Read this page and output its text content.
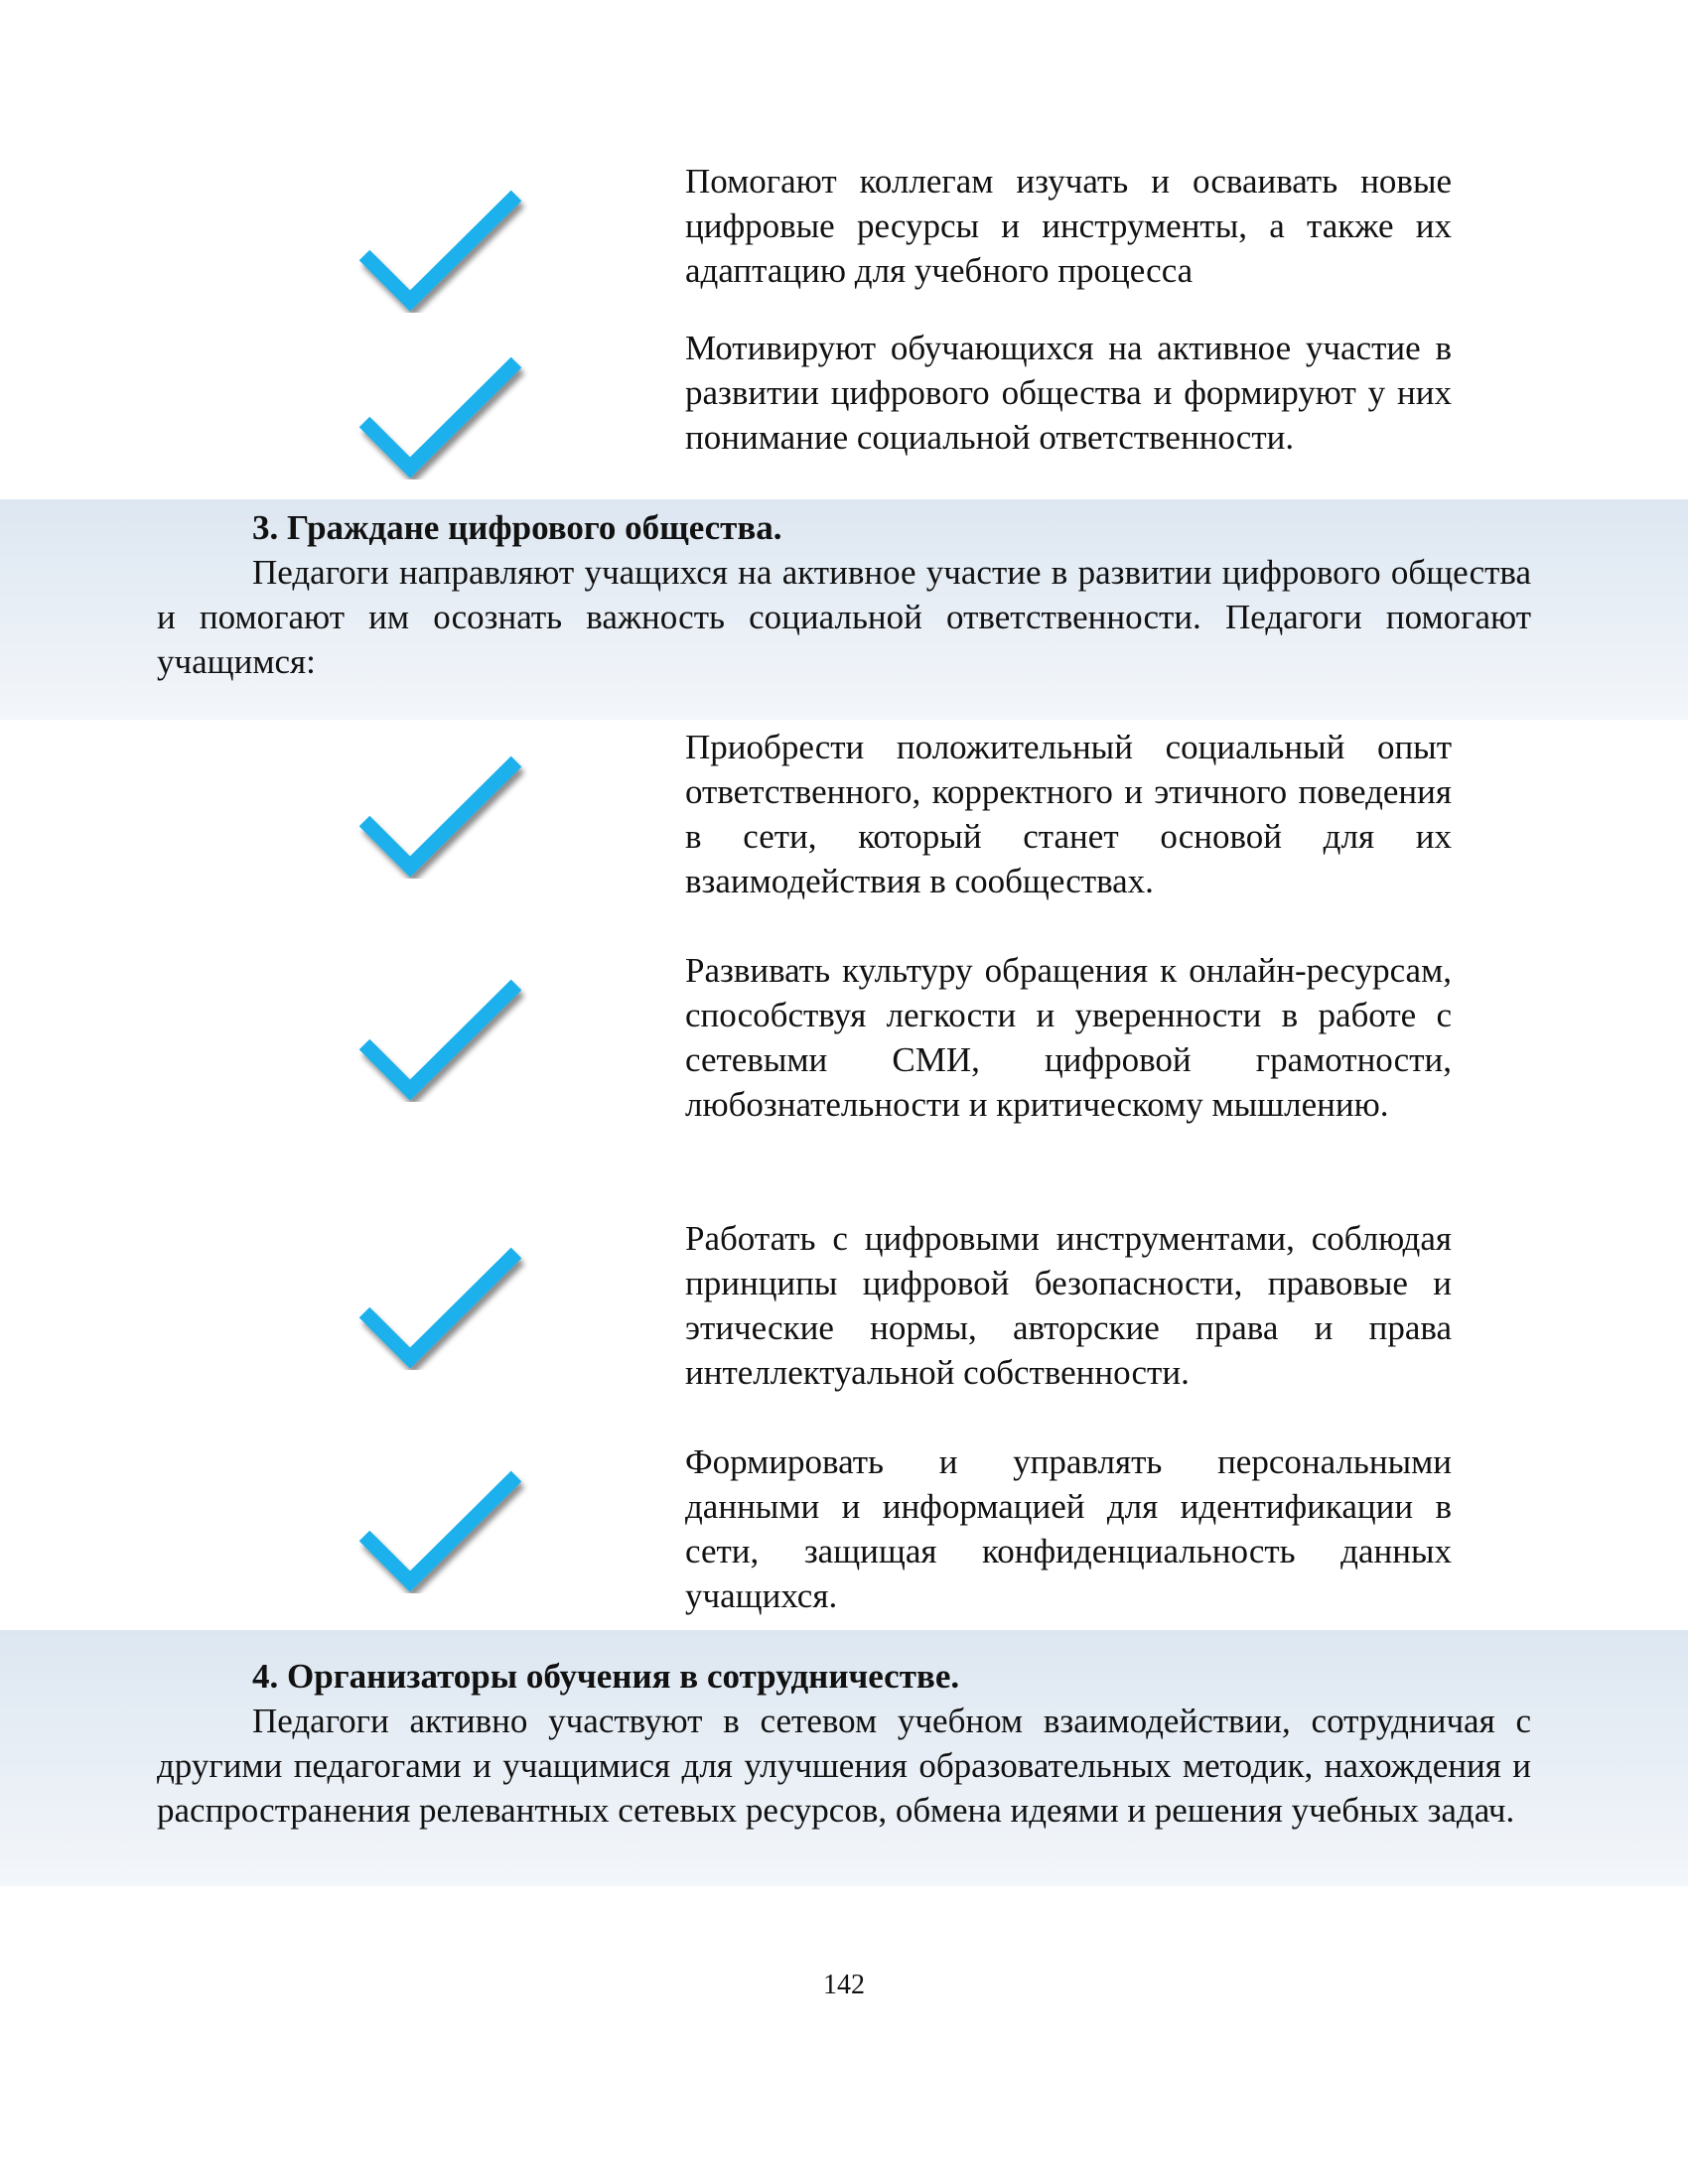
Помогают коллегам изучать и осваивать новые цифровые ресурсы и инструменты, а также их адаптацию для учебного процесса

Мотивируют обучающихся на активное участие в развитии цифрового общества и формируют у них понимание социальной ответственности.

3. Граждане цифрового общества.

Педагоги направляют учащихся на активное участие в развитии цифрового общества и помогают им осознать важность социальной ответственности. Педагоги помогают учащимся:

Приобрести положительный социальный опыт ответственного, корректного и этичного поведения в сети, который станет основой для их взаимодействия в сообществах.

Развивать культуру обращения к онлайн-ресурсам, способствуя легкости и уверенности в работе с сетевыми СМИ, цифровой грамотности, любознательности и критическому мышлению.

Работать с цифровыми инструментами, соблюдая принципы цифровой безопасности, правовые и этические нормы, авторские права и права интеллектуальной собственности.

Формировать и управлять персональными данными и информацией для идентификации в сети, защищая конфиденциальность данных учащихся.

4. Организаторы обучения в сотрудничестве.

Педагоги активно участвуют в сетевом учебном взаимодействии, сотрудничая с другими педагогами и учащимися для улучшения образовательных методик, нахождения и распространения релевантных сетевых ресурсов, обмена идеями и решения учебных задач.

142
